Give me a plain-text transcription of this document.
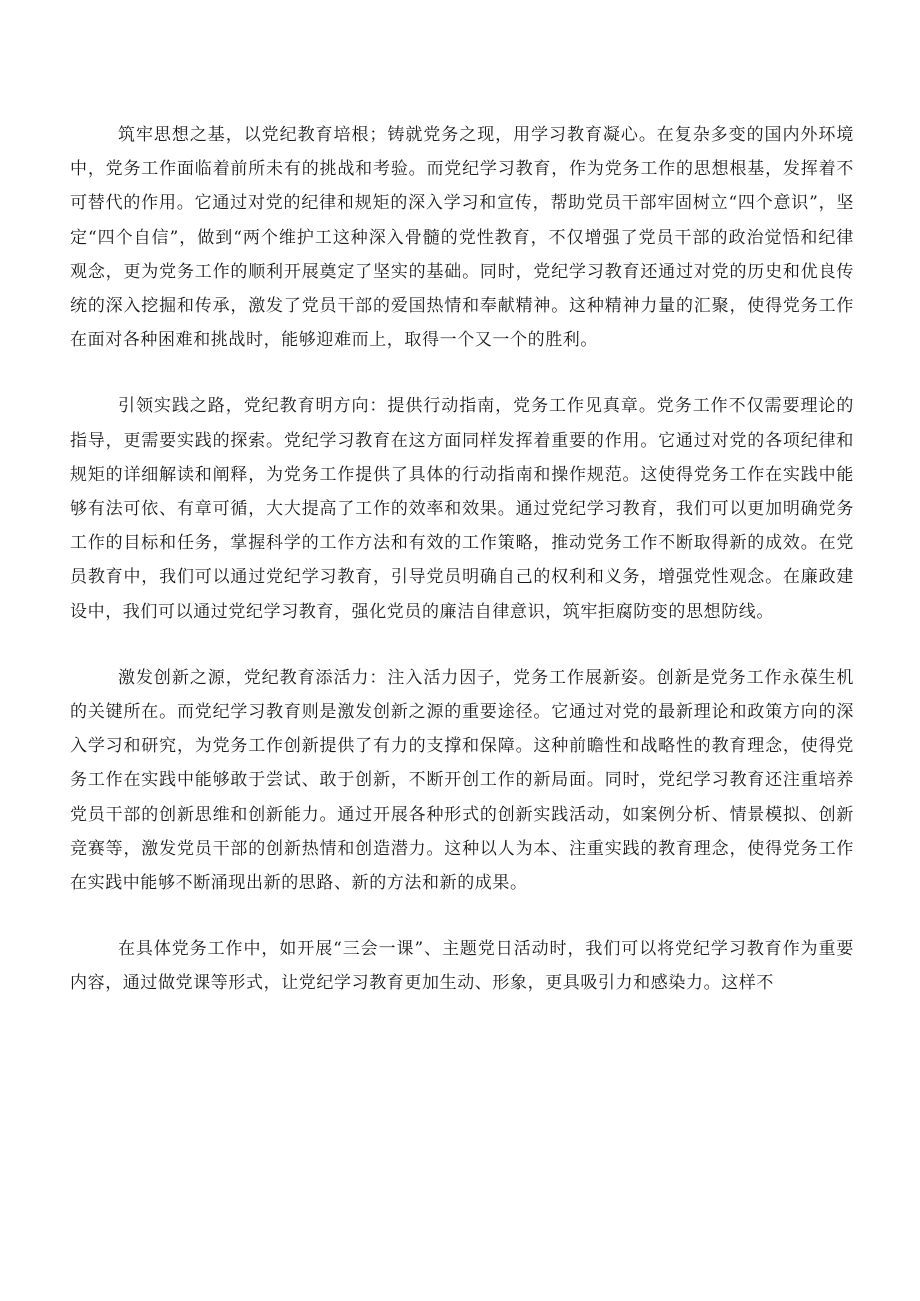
筑牢思想之基，以党纪教育培根；铸就党务之现，用学习教育凝心。在复杂多变的国内外环境中，党务工作面临着前所未有的挑战和考验。而党纪学习教育，作为党务工作的思想根基，发挥着不可替代的作用。它通过对党的纪律和规矩的深入学习和宣传，帮助党员干部牢固树立“四个意识”，坚定“四个自信”，做到“两个维护工这种深入骨髓的党性教育，不仅增强了党员干部的政治觉悟和纪律观念，更为党务工作的顺利开展奠定了坚实的基础。同时，党纪学习教育还通过对党的历史和优良传统的深入挖掘和传承，激发了党员干部的爱国热情和奉献精神。这种精神力量的汇聚，使得党务工作在面对各种困难和挑战时，能够迎难而上，取得一个又一个的胜利。

引领实践之路，党纪教育明方向：提供行动指南，党务工作见真章。党务工作不仅需要理论的指导，更需要实践的探索。党纪学习教育在这方面同样发挥着重要的作用。它通过对党的各项纪律和规矩的详细解读和阐释，为党务工作提供了具体的行动指南和操作规范。这使得党务工作在实践中能够有法可依、有章可循，大大提高了工作的效率和效果。通过党纪学习教育，我们可以更加明确党务工作的目标和任务，掌握科学的工作方法和有效的工作策略，推动党务工作不断取得新的成效。在党员教育中，我们可以通过党纪学习教育，引导党员明确自己的权利和义务，增强党性观念。在廉政建设中，我们可以通过党纪学习教育，强化党员的廉洁自律意识，筑牢拒腐防变的思想防线。

激发创新之源，党纪教育添活力：注入活力因子，党务工作展新姿。创新是党务工作永葆生机的关键所在。而党纪学习教育则是激发创新之源的重要途径。它通过对党的最新理论和政策方向的深入学习和研究，为党务工作创新提供了有力的支撑和保障。这种前瞻性和战略性的教育理念，使得党务工作在实践中能够敢于尝试、敢于创新，不断开创工作的新局面。同时，党纪学习教育还注重培养党员干部的创新思维和创新能力。通过开展各种形式的创新实践活动，如案例分析、情景模拟、创新竞赛等，激发党员干部的创新热情和创造潜力。这种以人为本、注重实践的教育理念，使得党务工作在实践中能够不断涌现出新的思路、新的方法和新的成果。

在具体党务工作中，如开展“三会一课”、主题党日活动时，我们可以将党纪学习教育作为重要内容，通过做党课等形式，让党纪学习教育更加生动、形象，更具吸引力和感染力。这样不
